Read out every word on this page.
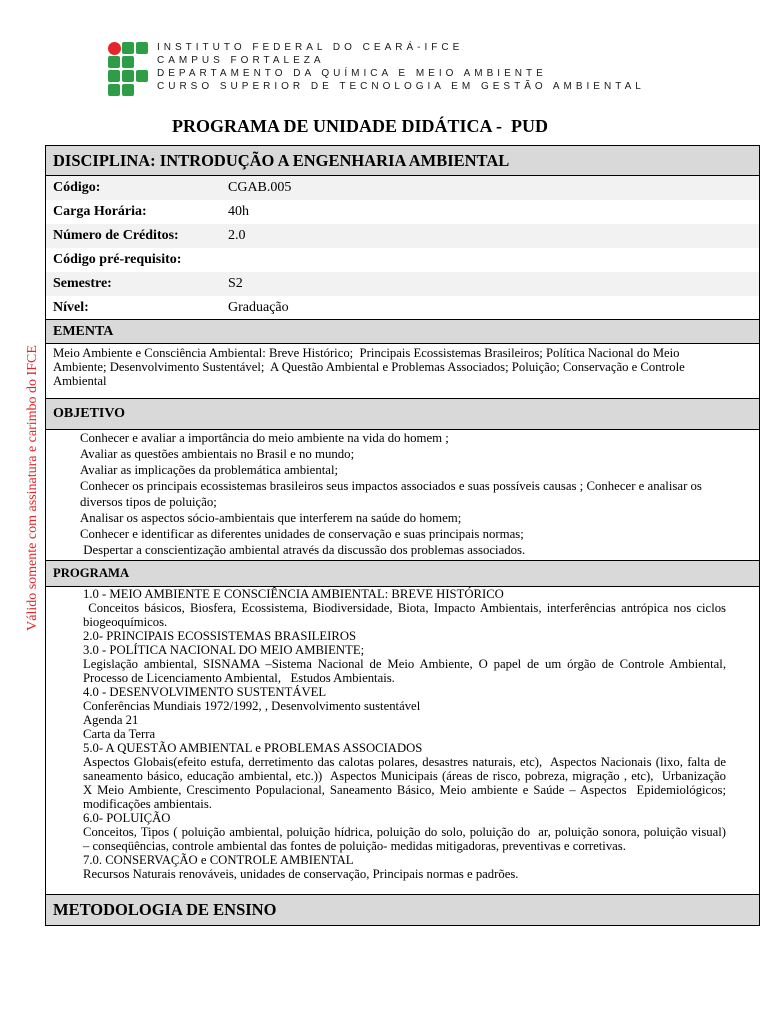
INSTITUTO FEDERAL DO CEARÁ-IFCE
CAMPUS FORTALEZA
DEPARTAMENTO DA QUÍMICA E MEIO AMBIENTE
CURSO SUPERIOR DE TECNOLOGIA EM GESTÃO AMBIENTAL
PROGRAMA DE UNIDADE DIDÁTICA -  PUD
Válido somente com assinatura e carimbo do IFCE
DISCIPLINA: INTRODUÇÃO A ENGENHARIA AMBIENTAL
Código:	CGAB.005
Carga Horária:	40h
Número de Créditos:	2.0
Código pré-requisito:
Semestre:	S2
Nível:	Graduação
EMENTA
Meio Ambiente e Consciência Ambiental: Breve Histórico;  Principais Ecossistemas Brasileiros; Política Nacional do Meio
Ambiente; Desenvolvimento Sustentável;  A Questão Ambiental e Problemas Associados; Poluição; Conservação e Controle
Ambiental
OBJETIVO
Conhecer e avaliar a importância do meio ambiente na vida do homem ;
Avaliar as questões ambientais no Brasil e no mundo;
Avaliar as implicações da problemática ambiental;
Conhecer os principais ecossistemas brasileiros seus impactos associados e suas possíveis causas ; Conhecer e analisar os
diversos tipos de poluição;
Analisar os aspectos sócio-ambientais que interferem na saúde do homem;
Conhecer e identificar as diferentes unidades de conservação e suas principais normas;
Despertar a conscientização ambiental através da discussão dos problemas associados.
PROGRAMA
1.0 - MEIO AMBIENTE E CONSCIÊNCIA AMBIENTAL: BREVE HISTÓRICO
Conceitos básicos, Biosfera, Ecossistema, Biodiversidade, Biota, Impacto Ambientais, interferências antrópica nos ciclos
biogeoquímicos.
2.0- PRINCIPAIS ECOSSISTEMAS BRASILEIROS
3.0 - POLÍTICA NACIONAL DO MEIO AMBIENTE;
Legislação ambiental, SISNAMA –Sistema Nacional de Meio Ambiente, O papel de um órgão de Controle Ambiental,
Processo de Licenciamento Ambiental,   Estudos Ambientais.
4.0 - DESENVOLVIMENTO SUSTENTÁVEL
Conferências Mundiais 1972/1992, , Desenvolvimento sustentável
Agenda 21
Carta da Terra
5.0- A QUESTÃO AMBIENTAL e PROBLEMAS ASSOCIADOS
Aspectos Globais(efeito estufa, derretimento das calotas polares, desastres naturais, etc),  Aspectos Nacionais (lixo, falta de
saneamento básico, educação ambiental, etc.))  Aspectos Municipais (áreas de risco, pobreza, migração , etc),  Urbanização
X Meio Ambiente, Crescimento Populacional, Saneamento Básico, Meio ambiente e Saúde – Aspectos  Epidemiológicos;
modificações ambientais.
6.0- POLUIÇÃO
Conceitos, Tipos ( poluição ambiental, poluição hídrica, poluição do solo, poluição do  ar, poluição sonora, poluição visual)
– conseqüências, controle ambiental das fontes de poluição- medidas mitigadoras, preventivas e corretivas.
7.0. CONSERVAÇÃO e CONTROLE AMBIENTAL
Recursos Naturais renováveis, unidades de conservação, Principais normas e padrões.
METODOLOGIA DE ENSINO
